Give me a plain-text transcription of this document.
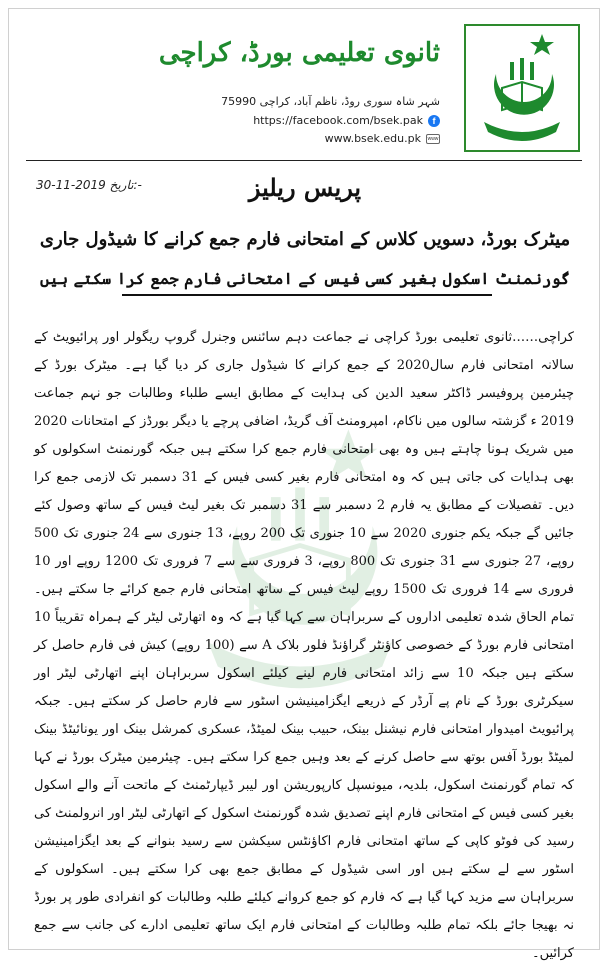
ثانوی تعلیمی بورڈ، کراچی
شہر شاہ سوری روڈ، ناظم آباد، کراچی 75990
https://facebook.com/bsek.pak	f
www.bsek.edu.pk	www
30-11-2019 تاریخ:-	پریس ریلیز
میٹرک بورڈ، دسویں کلاس کے امتحانی فارم جمع کرانے کا شیڈول جاری
گورنمنٹ اسکول بغیر کسی فیس کے امتحانی فارم جمع کرا سکتے ہیں

کراچی……ثانوی تعلیمی بورڈ کراچی نے جماعت دہم سائنس وجنرل گروپ ریگولر اور پرائیویٹ کے سالانہ امتحانی فارم سال2020 کے جمع کرانے کا شیڈول جاری کر دیا گیا ہے۔ میٹرک بورڈ کے چیئرمین پروفیسر ڈاکٹر سعید الدین کی ہدایت کے مطابق ایسے طلباء وطالبات جو نہم جماعت 2019 ء گزشتہ سالوں میں ناکام، امپرومنٹ آف گریڈ، اضافی پرچے یا دیگر بورڈز کے امتحانات 2020 میں شریک ہونا چاہتے ہیں وہ بھی امتحانی فارم جمع کرا سکتے ہیں جبکہ گورنمنٹ اسکولوں کو بھی ہدایات کی جاتی ہیں کہ وہ امتحانی فارم بغیر کسی فیس کے 31 دسمبر تک لازمی جمع کرا دیں۔ تفصیلات کے مطابق یہ فارم 2 دسمبر سے 31 دسمبر تک بغیر لیٹ فیس کے ساتھ وصول کئے جائیں گے جبکہ یکم جنوری 2020 سے 10 جنوری تک 200 روپے، 13 جنوری سے 24 جنوری تک 500 روپے، 27 جنوری سے 31 جنوری تک 800 روپے، 3 فروری سے سے 7 فروری تک 1200 روپے اور 10 فروری سے 14 فروری تک 1500 روپے لیٹ فیس کے ساتھ امتحانی فارم جمع کرائے جا سکتے ہیں۔ تمام الحاق شدہ تعلیمی اداروں کے سربراہان سے کہا گیا ہے کہ وہ اتھارٹی لیٹر کے ہمراہ تقریباً 10 امتحانی فارم بورڈ کے خصوصی کاؤنٹر گراؤنڈ فلور بلاک A سے (100 روپے) کیش فی فارم حاصل کر سکتے ہیں جبکہ 10 سے زائد امتحانی فارم لینے کیلئے اسکول سربراہان اپنے اتھارٹی لیٹر اور سیکرٹری بورڈ کے نام پے آرڈر کے ذریعے ایگزامینیشن اسٹور سے فارم حاصل کر سکتے ہیں۔ جبکہ پرائیویٹ امیدوار امتحانی فارم نیشنل بینک، حبیب بینک لمیٹڈ، عسکری کمرشل بینک اور یونائیٹڈ بینک لمیٹڈ بورڈ آفس بوتھ سے حاصل کرنے کے بعد وہیں جمع کرا سکتے ہیں۔ چیئرمین میٹرک بورڈ نے کہا کہ تمام گورنمنٹ اسکول، بلدیہ، میونسپل کارپوریشن اور لیبر ڈیپارٹمنٹ کے ماتحت آنے والے اسکول بغیر کسی فیس کے امتحانی فارم اپنے تصدیق شدہ گورنمنٹ اسکول کے اتھارٹی لیٹر اور انرولمنٹ کی رسید کی فوٹو کاپی کے ساتھ امتحانی فارم اکاؤنٹس سیکشن سے رسید بنوانے کے بعد ایگزامینیشن اسٹور سے لے سکتے ہیں اور اسی شیڈول کے مطابق جمع بھی کرا سکتے ہیں۔ اسکولوں کے سربراہان سے مزید کہا گیا ہے کہ فارم کو جمع کروانے کیلئے طلبہ وطالبات کو انفرادی طور پر بورڈ نہ بھیجا جائے بلکہ تمام طلبہ وطالبات کے امتحانی فارم ایک ساتھ تعلیمی ادارے کی جانب سے جمع کرائیں۔
